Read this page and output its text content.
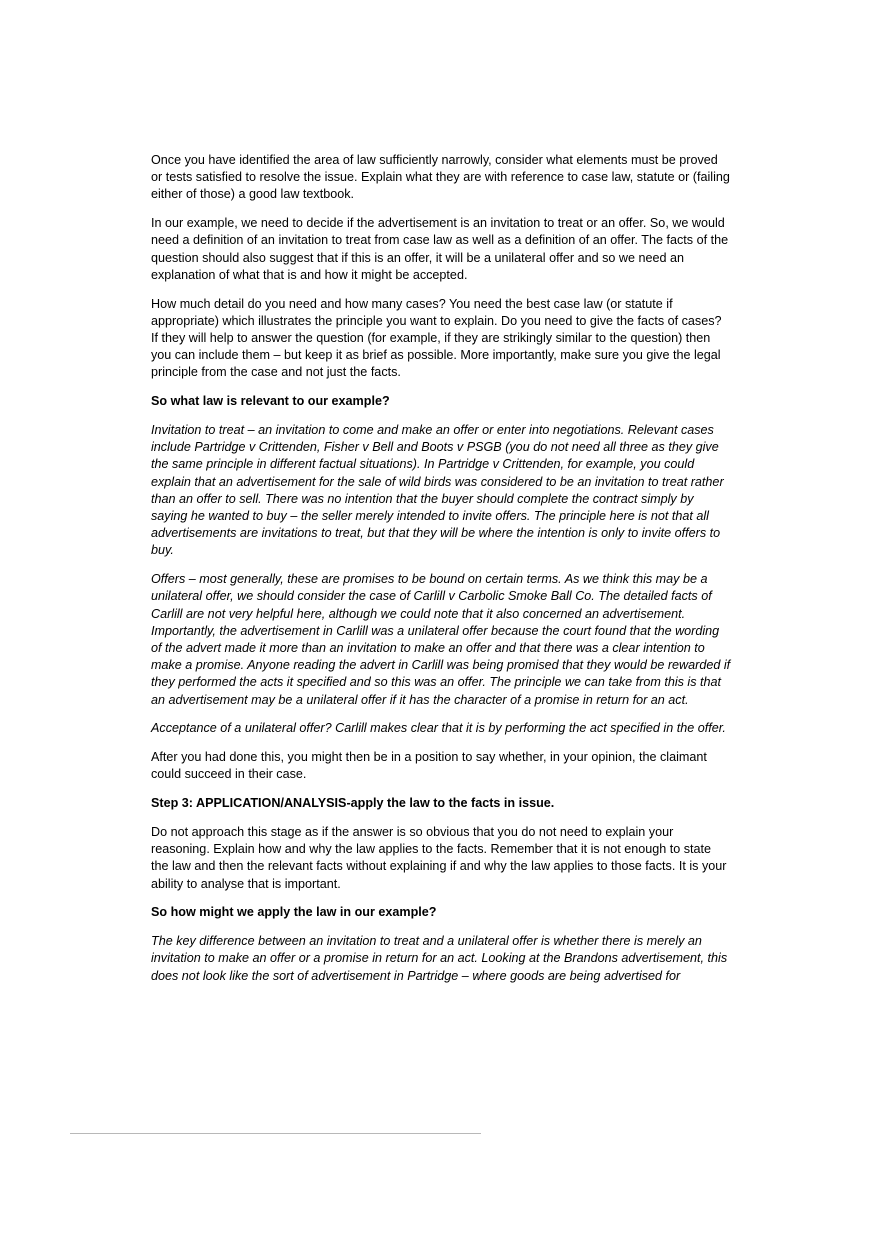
Once you have identified the area of law sufﬁciently narrowly, consider what elements must be proved or tests satisfied to resolve the issue. Explain what they are with reference to case law, statute or (failing either of those) a good law textbook.

In our example, we need to decide if the advertisement is an invitation to treat or an offer. So, we would need a definition of an invitation to treat from case law as well as a definition of an offer. The facts of the question should also suggest that if this is an offer, it will be a unilateral offer and so we need an explanation of what that is and how it might be accepted.

How much detail do you need and how many cases? You need the best case law (or statute if appropriate) which illustrates the principle you want to explain. Do you need to give the facts of cases? If they will help to answer the question (for example, if they are strikingly similar to the question) then you can include them – but keep it as brief as possible. More importantly, make sure you give the legal principle from the case and not just the facts.

So what law is relevant to our example?

Invitation to treat – an invitation to come and make an offer or enter into negotiations. Relevant cases include Partridge v Crittenden, Fisher v Bell and Boots v PSGB (you do not need all three as they give the same principle in different factual situations). In Partridge v Crittenden, for example, you could explain that an advertisement for the sale of wild birds was considered to be an invitation to treat rather than an offer to sell. There was no intention that the buyer should complete the contract simply by saying he wanted to buy – the seller merely intended to invite offers. The principle here is not that all advertisements are invitations to treat, but that they will be where the intention is only to invite offers to buy.

Offers – most generally, these are promises to be bound on certain terms. As we think this may be a unilateral offer, we should consider the case of Carlill v Carbolic Smoke Ball Co. The detailed facts of Carlill are not very helpful here, although we could note that it also concerned an advertisement. Importantly, the advertisement in Carlill was a unilateral offer because the court found that the wording of the advert made it more than an invitation to make an offer and that there was a clear intention to make a promise. Anyone reading the advert in Carlill was being promised that they would be rewarded if they performed the acts it specified and so this was an offer. The principle we can take from this is that an advertisement may be a unilateral offer if it has the character of a promise in return for an act.

Acceptance of a unilateral offer? Carlill makes clear that it is by performing the act specified in the offer.

After you had done this, you might then be in a position to say whether, in your opinion, the claimant could succeed in their case.

Step 3: APPLICATION/ANALYSIS-apply the law to the facts in issue.

Do not approach this stage as if the answer is so obvious that you do not need to explain your reasoning. Explain how and why the law applies to the facts. Remember that it is not enough to state the law and then the relevant facts without explaining if and why the law applies to those facts. It is your ability to analyse that is important.

So how might we apply the law in our example?

The key difference between an invitation to treat and a unilateral offer is whether there is merely an invitation to make an offer or a promise in return for an act. Looking at the Brandons advertisement, this does not look like the sort of advertisement in Partridge – where goods are being advertised for
